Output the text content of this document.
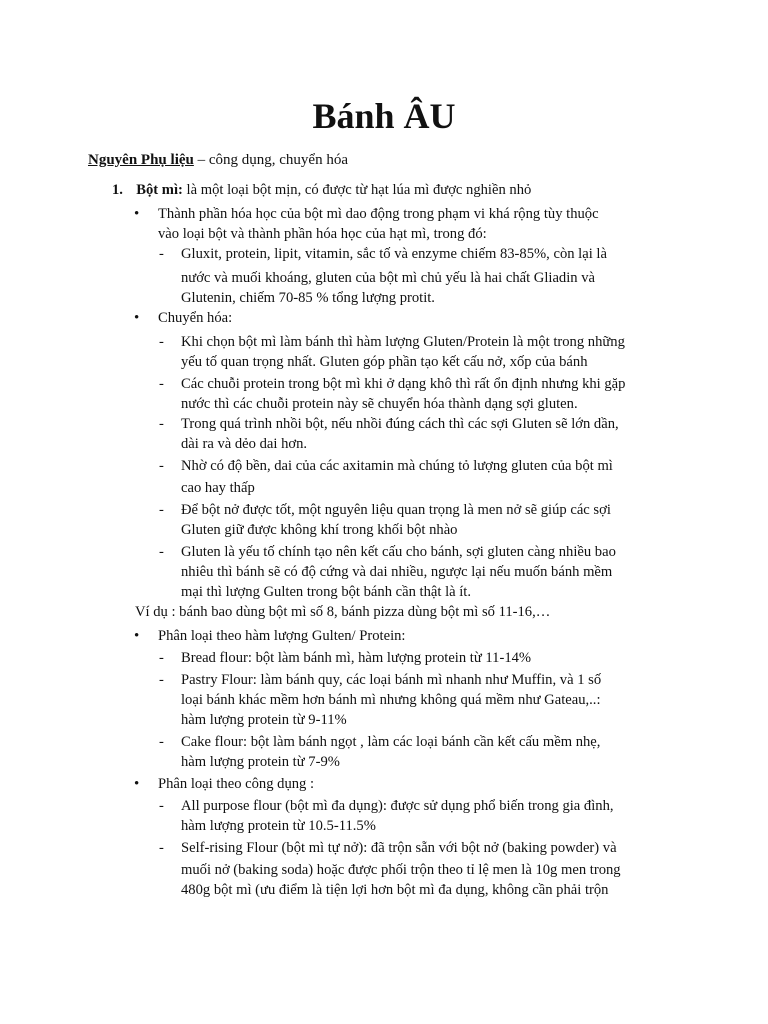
Bánh ÂU
Nguyên Phụ liệu – công dụng, chuyển hóa
1. Bột mì: là một loại bột mịn, có được từ hạt lúa mì được nghiền nhỏ
• Thành phần hóa học của bột mì dao động trong phạm vi khá rộng tùy thuộc
vào loại bột và thành phần hóa học của hạt mì, trong đó:
- Gluxit, protein, lipit, vitamin, sắc tố và enzyme chiếm 83-85%, còn lại là
nước và muối khoáng, gluten của bột mì chủ yếu là hai chất Gliadin và
Glutenin, chiếm 70-85 % tổng lượng protit.
• Chuyển hóa:
- Khi chọn bột mì làm bánh thì hàm lượng Gluten/Protein là một trong những
yếu tố quan trọng nhất. Gluten góp phần tạo kết cấu nở, xốp của bánh
- Các chuỗi protein trong bột mì khi ở dạng khô thì rất ổn định nhưng khi gặp
nước thì các chuỗi protein này sẽ chuyển hóa thành dạng sợi gluten.
- Trong quá trình nhồi bột, nếu nhồi đúng cách thì các sợi Gluten sẽ lớn dần,
dài ra và dẻo dai hơn.
- Nhờ có độ bền, dai của các axitamin mà chúng tỏ lượng gluten của bột mì
cao hay thấp
- Để bột nở được tốt, một nguyên liệu quan trọng là men nở sẽ giúp các sợi
Gluten giữ được không khí trong khối bột nhào
- Gluten là yếu tố chính tạo nên kết cấu cho bánh, sợi gluten càng nhiều bao
nhiêu thì bánh sẽ có độ cứng và dai nhiều, ngược lại nếu muốn bánh mềm
mại thì lượng Gulten trong bột bánh cần thật là ít.
Ví dụ : bánh bao dùng bột mì số 8, bánh pizza dùng bột mì số 11-16,…
• Phân loại theo hàm lượng Gulten/ Protein:
- Bread flour: bột làm bánh mì, hàm lượng protein từ 11-14%
- Pastry Flour: làm bánh quy, các loại bánh mì nhanh như Muffin, và 1 số
loại bánh khác mềm hơn bánh mì nhưng không quá mềm như Gateau,..:
hàm lượng protein từ 9-11%
- Cake flour: bột làm bánh ngọt , làm các loại bánh cần kết cấu mềm nhẹ,
hàm lượng protein từ 7-9%
• Phân loại theo công dụng :
- All purpose flour (bột mì đa dụng): được sử dụng phổ biến trong gia đình,
hàm lượng protein từ 10.5-11.5%
- Self-rising Flour (bột mì tự nở): đã trộn sẵn với bột nở (baking powder) và
muối nở (baking soda) hoặc được phối trộn theo tỉ lệ men là 10g men trong
480g bột mì (ưu điểm là tiện lợi hơn bột mì đa dụng, không cần phải trộn
